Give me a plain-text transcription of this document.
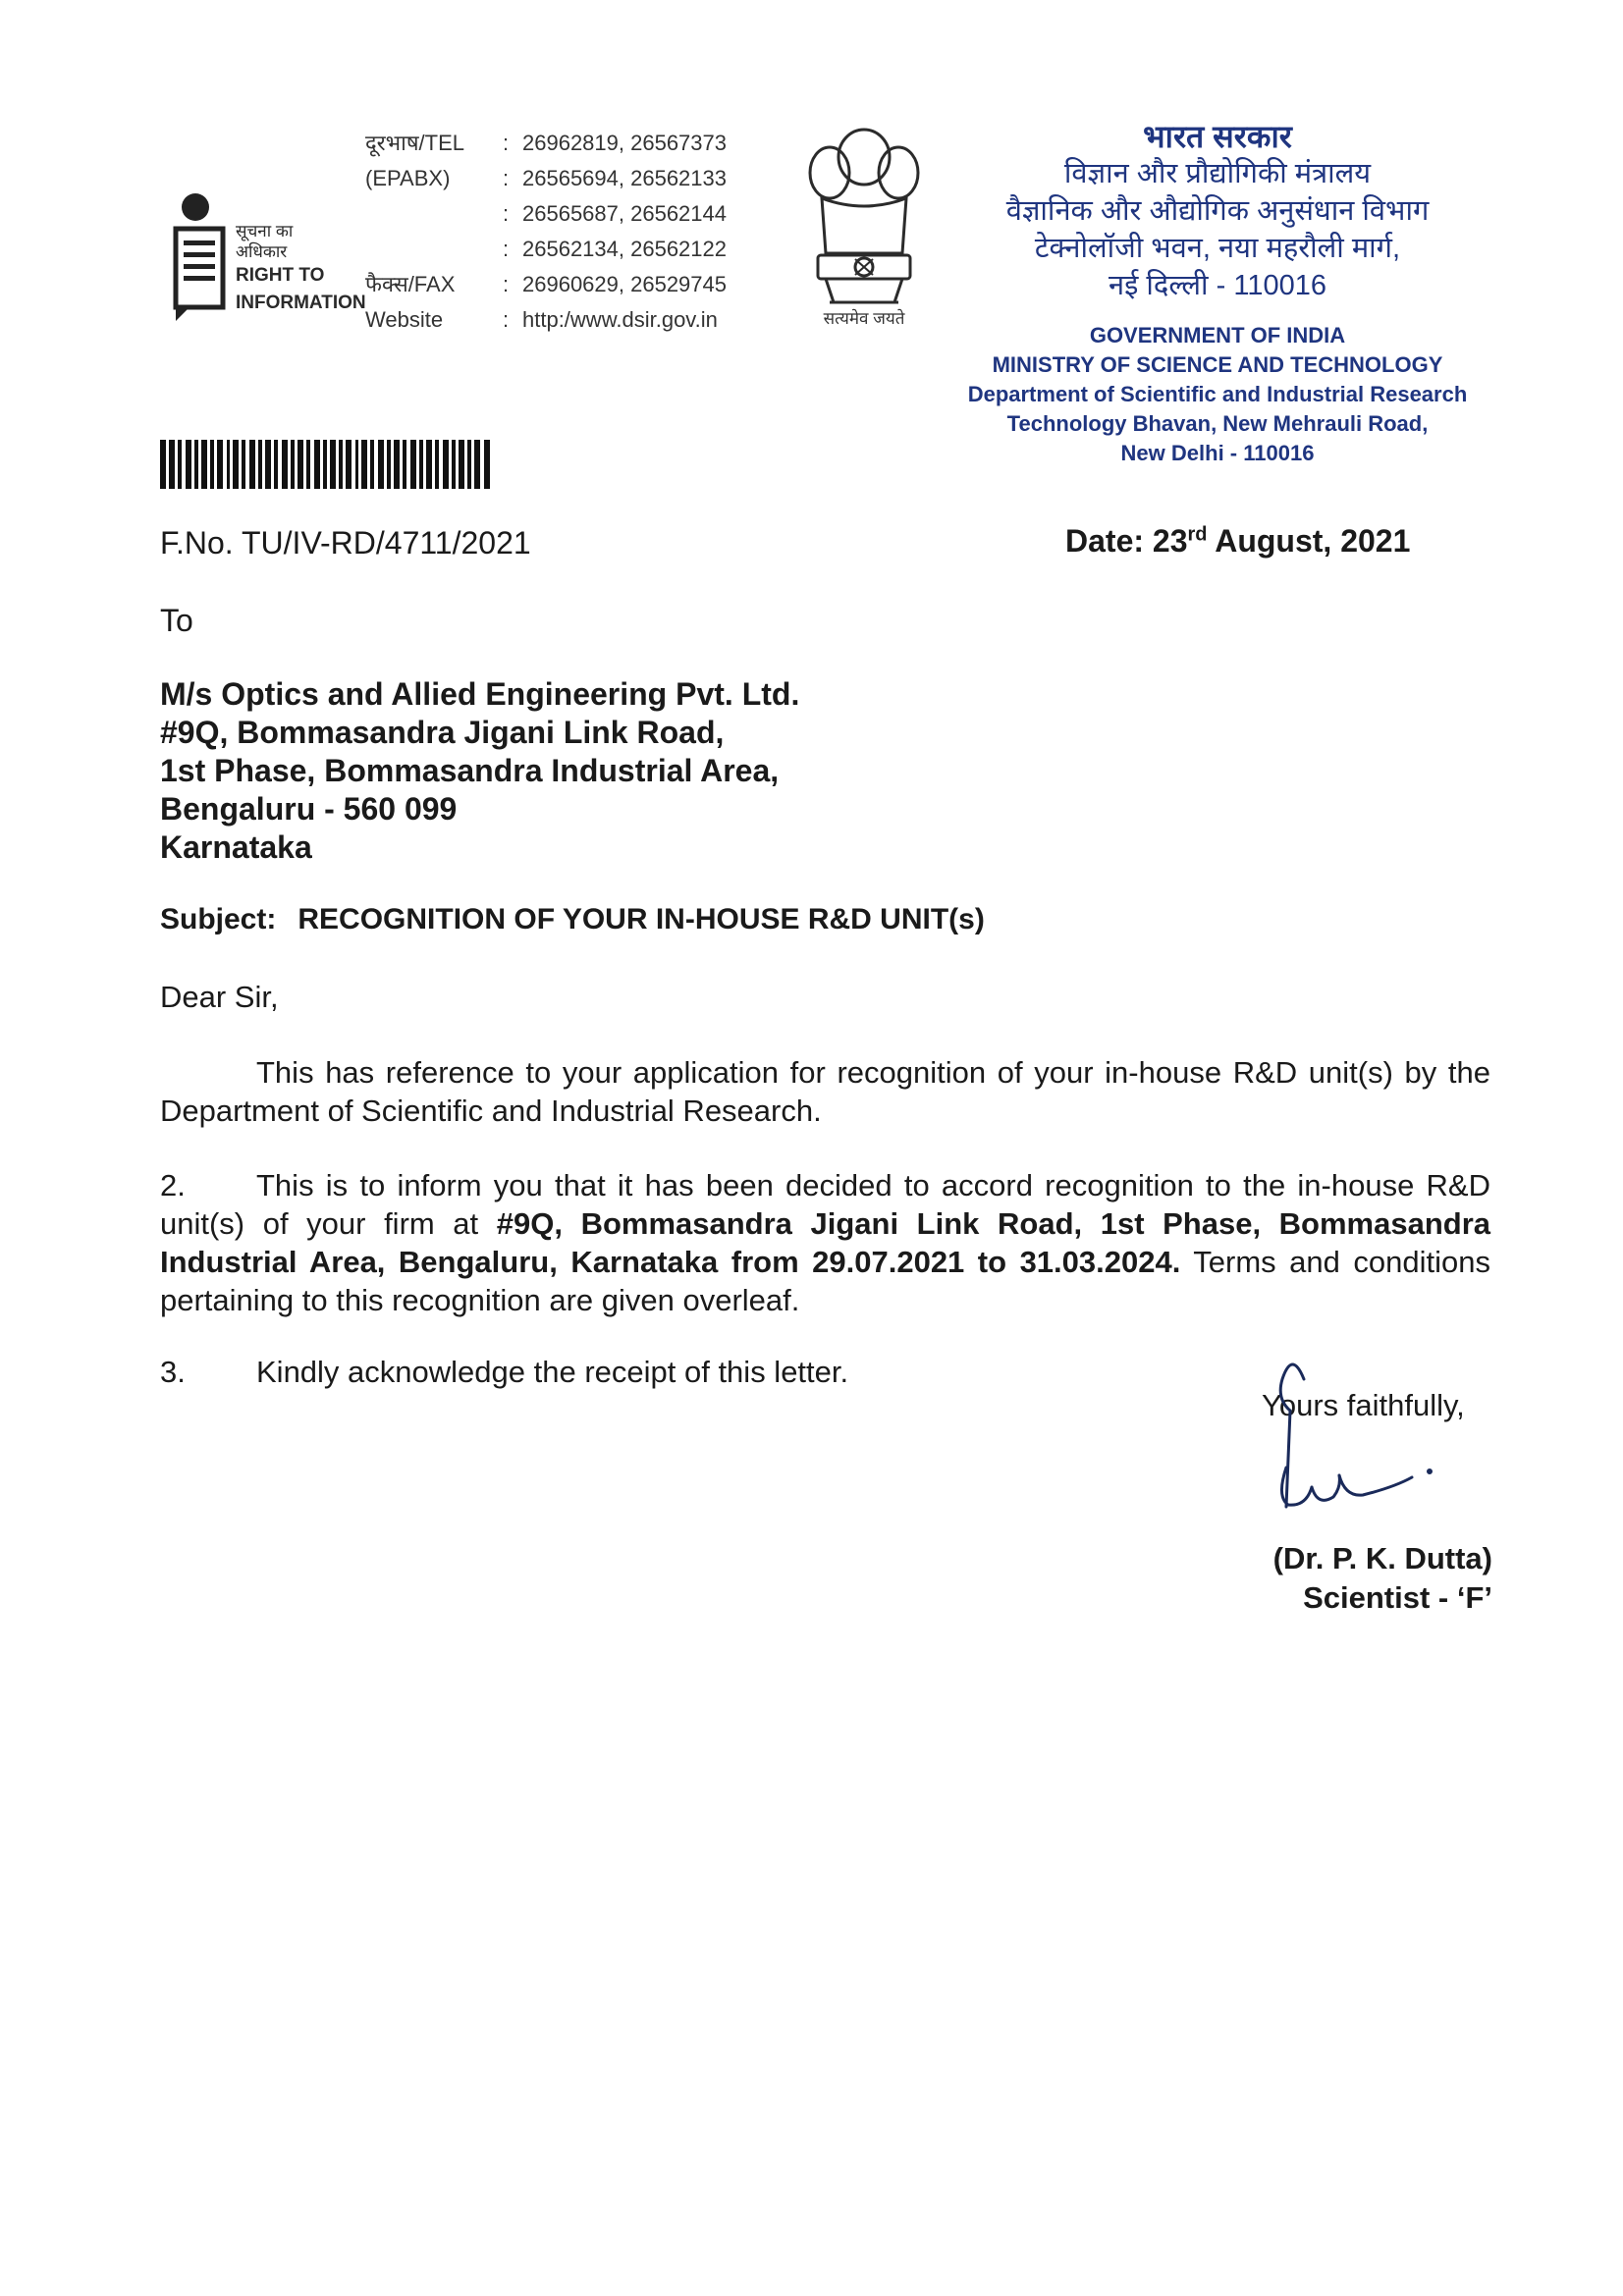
सूचना का
अधिकार
RIGHT TO
INFORMATION
दूरभाष/TEL
(EPABX)

फैक्स/FAX
Website
:
:
:
:
:
:
26962819, 26567373
26565694, 26562133
26565687, 26562144
26562134, 26562122
26960629, 26529745
http:/www.dsir.gov.in	सत्यमेव जयते
भारत सरकार
विज्ञान और प्रौद्योगिकी मंत्रालय
वैज्ञानिक और औद्योगिक अनुसंधान विभाग
टेक्नोलॉजी भवन, नया महरौली मार्ग,
नई दिल्ली - 110016
GOVERNMENT OF INDIA
MINISTRY OF SCIENCE AND TECHNOLOGY
Department of Scientific and Industrial Research
Technology Bhavan, New Mehrauli Road,
New Delhi - 110016
F.No. TU/IV-RD/4711/2021	Date: 23rd August, 2021
To
M/s Optics and Allied Engineering Pvt. Ltd.
#9Q, Bommasandra Jigani Link Road,
1st Phase, Bommasandra Industrial Area,
Bengaluru - 560 099
Karnataka
Subject: RECOGNITION OF YOUR IN-HOUSE R&D UNIT(s)
Dear Sir,
This has reference to your application for recognition of your in-house R&D unit(s) by the Department of Scientific and Industrial Research.
2. This is to inform you that it has been decided to accord recognition to the in-house R&D unit(s) of your firm at #9Q, Bommasandra Jigani Link Road, 1st Phase, Bommasandra Industrial Area, Bengaluru, Karnataka from 29.07.2021 to 31.03.2024. Terms and conditions pertaining to this recognition are given overleaf.
3. Kindly acknowledge the receipt of this letter.
Yours faithfully,
(Dr. P. K. Dutta)
Scientist - ‘F’
